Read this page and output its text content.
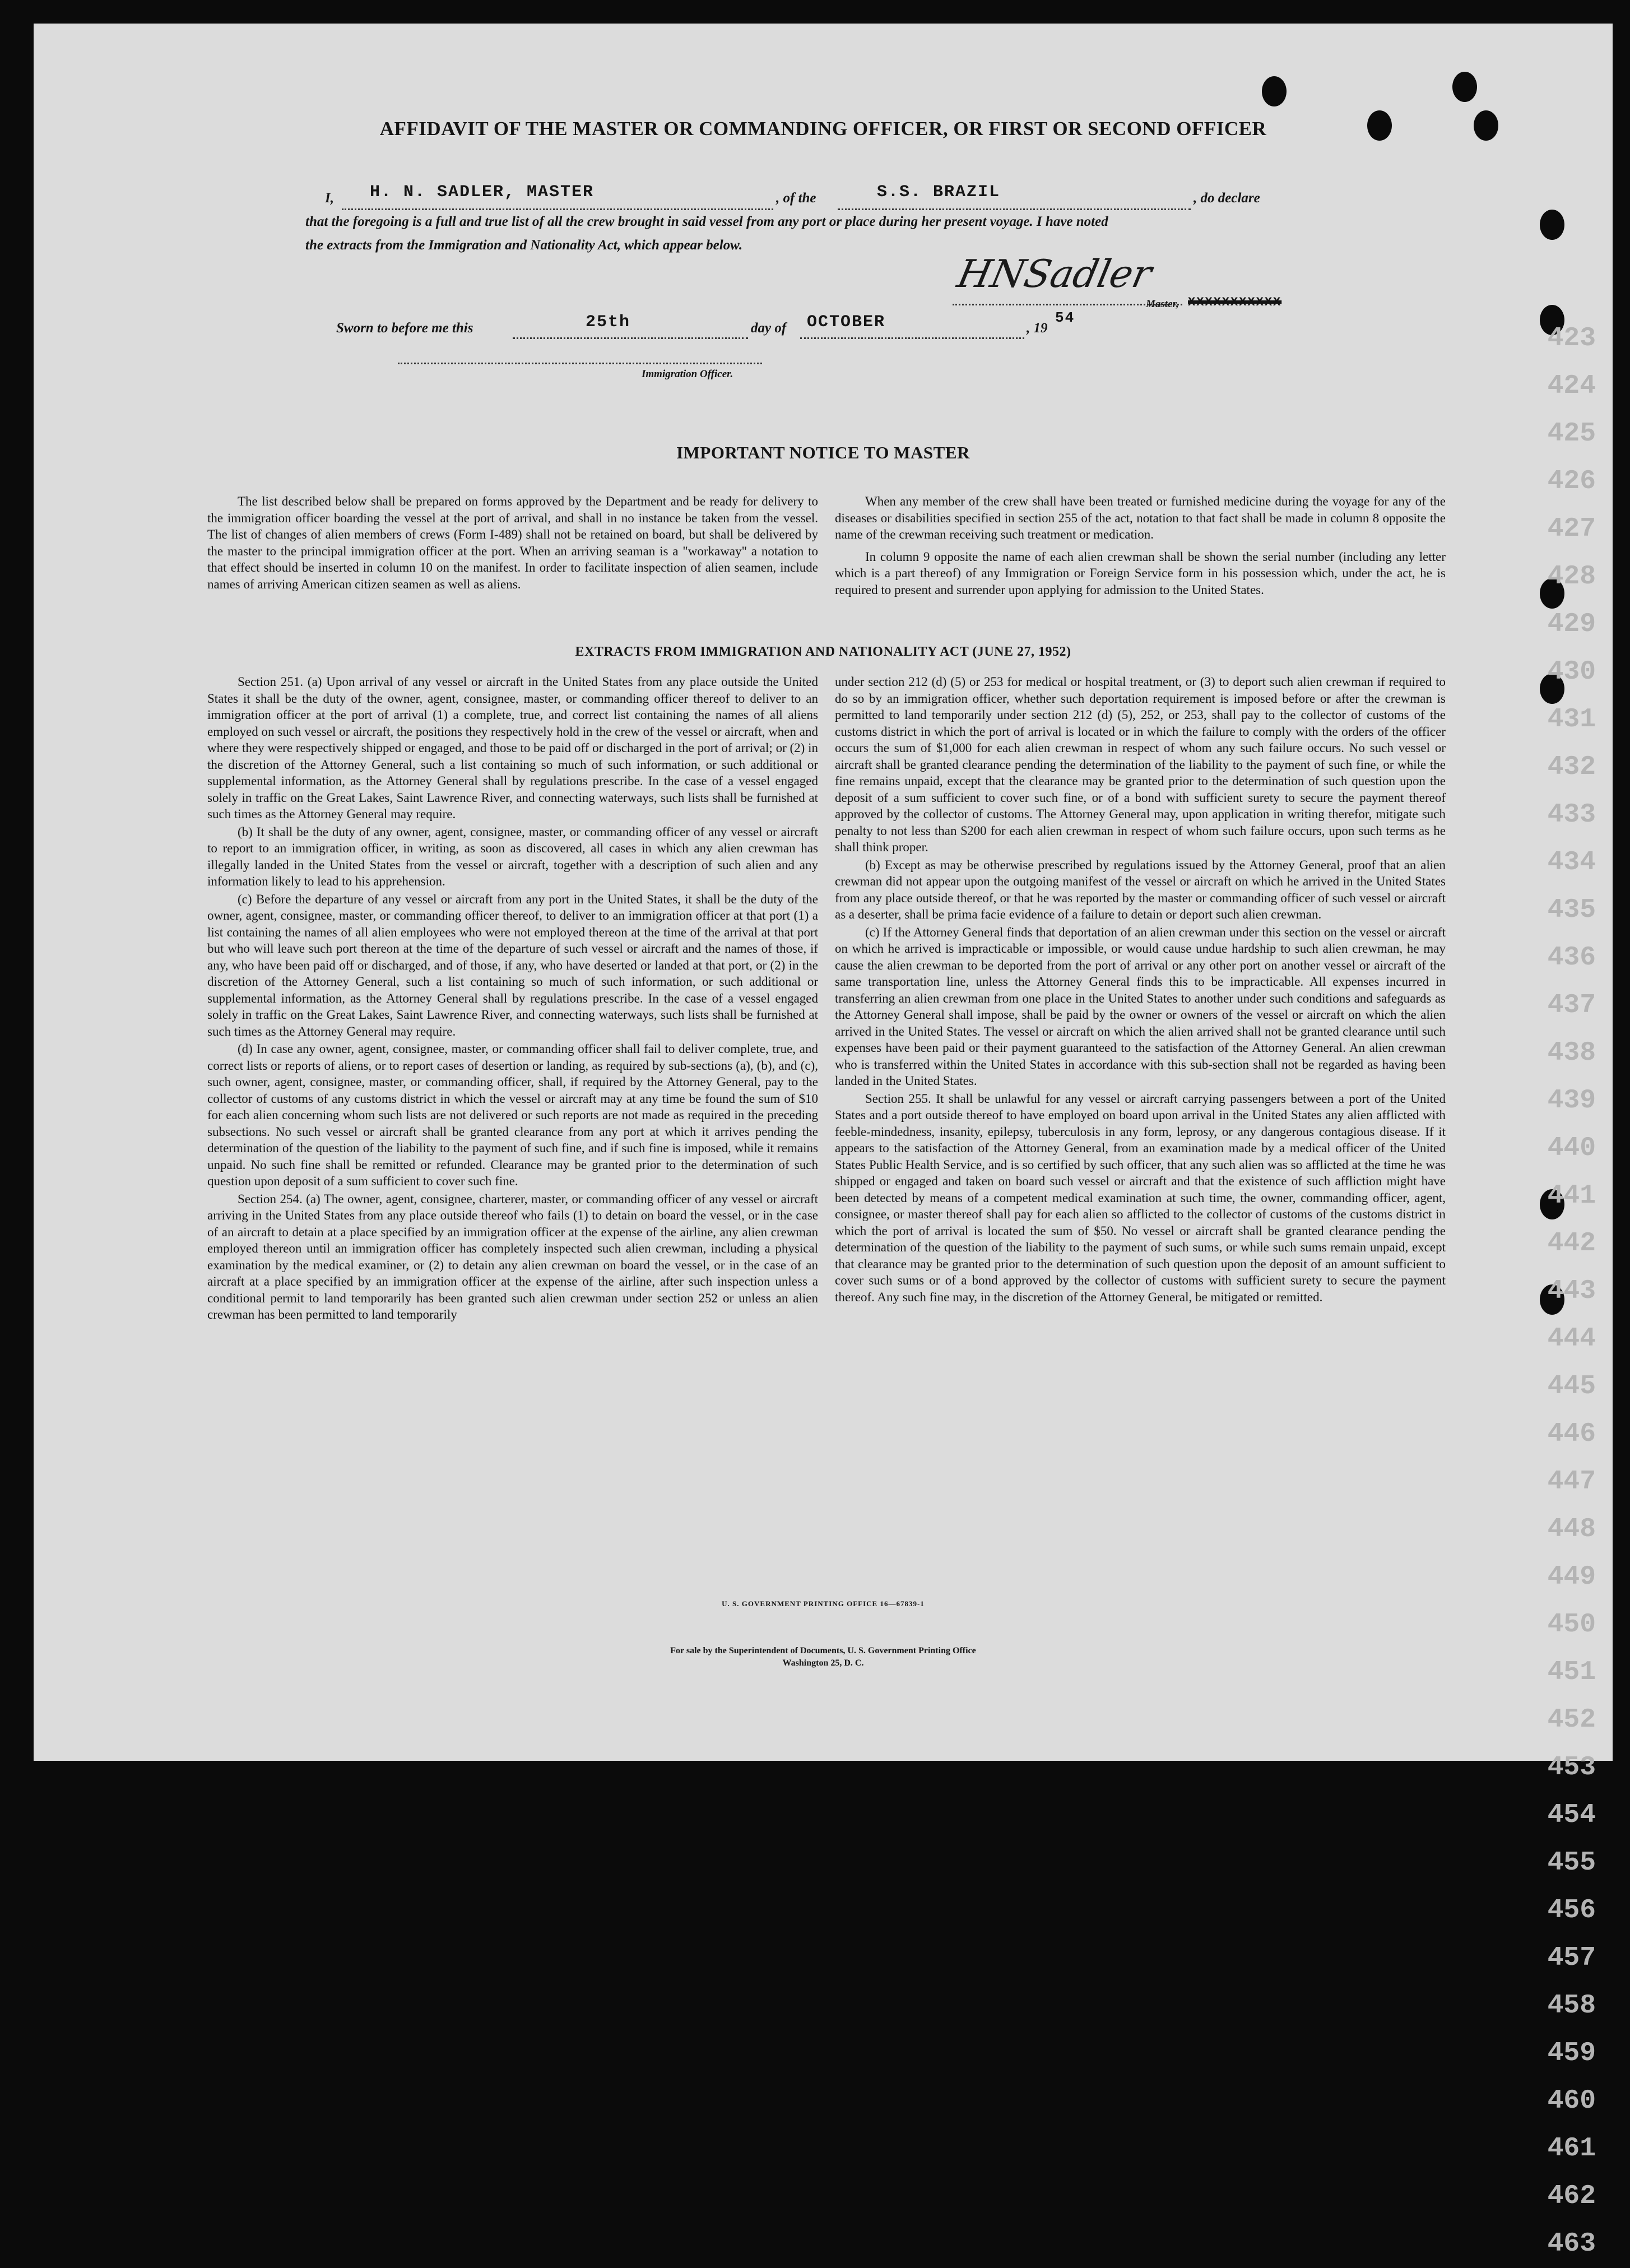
423
424
425
426
427
428
429
430
431
432
433
434
435
436
437
438
439
440
441
442
443
444
445
446
447
448
449
450
451
452
453
454
455
456
457
458
459
460
461
462
463
AFFIDAVIT OF THE MASTER OR COMMANDING OFFICER, OR FIRST OR SECOND OFFICER
I, H. N. SADLER, MASTER	, of the	S.S. BRAZIL	, do declare
that the foregoing is a full and true list of all the crew brought in said vessel from any port or place during her present voyage. I have noted
the extracts from the Immigration and Nationality Act, which appear below.
HNSadler
Master, XXXXXXXXXXX
Sworn to before me this	25th	day of OCTOBER	, 19
54
Immigration Officer.
IMPORTANT NOTICE TO MASTER

The list described below shall be prepared on forms approved by the Department and be ready for delivery to the immigration officer boarding the vessel at the port of arrival, and shall in no instance be taken from the vessel. The list of changes of alien members of crews (Form I-489) shall not be retained on board, but shall be delivered by the master to the principal immigration officer at the port. When an arriving seaman is a "workaway" a notation to that effect should be inserted in column 10 on the manifest. In order to facilitate inspection of alien seamen, include names of arriving American citizen seamen as well as aliens.

When any member of the crew shall have been treated or furnished medicine during the voyage for any of the diseases or disabilities specified in section 255 of the act, notation to that fact shall be made in column 8 opposite the name of the crewman receiving such treatment or medication.

In column 9 opposite the name of each alien crewman shall be shown the serial number (including any letter which is a part thereof) of any Immigration or Foreign Service form in his possession which, under the act, he is required to present and surrender upon applying for admission to the United States.

EXTRACTS FROM IMMIGRATION AND NATIONALITY ACT (JUNE 27, 1952)

Section 251. (a) Upon arrival of any vessel or aircraft in the United States from any place outside the United States it shall be the duty of the owner, agent, consignee, master, or commanding officer thereof to deliver to an immigration officer at the port of arrival (1) a complete, true, and correct list containing the names of all aliens employed on such vessel or aircraft, the positions they respectively hold in the crew of the vessel or aircraft, when and where they were respectively shipped or engaged, and those to be paid off or discharged in the port of arrival; or (2) in the discretion of the Attorney General, such a list containing so much of such information, or such additional or supplemental information, as the Attorney General shall by regulations prescribe. In the case of a vessel engaged solely in traffic on the Great Lakes, Saint Lawrence River, and connecting waterways, such lists shall be furnished at such times as the Attorney General may require.

(b) It shall be the duty of any owner, agent, consignee, master, or commanding officer of any vessel or aircraft to report to an immigration officer, in writing, as soon as discovered, all cases in which any alien crewman has illegally landed in the United States from the vessel or aircraft, together with a description of such alien and any information likely to lead to his apprehension.

(c) Before the departure of any vessel or aircraft from any port in the United States, it shall be the duty of the owner, agent, consignee, master, or commanding officer thereof, to deliver to an immigration officer at that port (1) a list containing the names of all alien employees who were not employed thereon at the time of the arrival at that port but who will leave such port thereon at the time of the departure of such vessel or aircraft and the names of those, if any, who have been paid off or discharged, and of those, if any, who have deserted or landed at that port, or (2) in the discretion of the Attorney General, such a list containing so much of such information, or such additional or supplemental information, as the Attorney General shall by regulations prescribe. In the case of a vessel engaged solely in traffic on the Great Lakes, Saint Lawrence River, and connecting waterways, such lists shall be furnished at such times as the Attorney General may require.

(d) In case any owner, agent, consignee, master, or commanding officer shall fail to deliver complete, true, and correct lists or reports of aliens, or to report cases of desertion or landing, as required by sub-sections (a), (b), and (c), such owner, agent, consignee, master, or commanding officer, shall, if required by the Attorney General, pay to the collector of customs of any customs district in which the vessel or aircraft may at any time be found the sum of $10 for each alien concerning whom such lists are not delivered or such reports are not made as required in the preceding subsections. No such vessel or aircraft shall be granted clearance from any port at which it arrives pending the determination of the question of the liability to the payment of such fine, and if such fine is imposed, while it remains unpaid. No such fine shall be remitted or refunded. Clearance may be granted prior to the determination of such question upon deposit of a sum sufficient to cover such fine.

Section 254. (a) The owner, agent, consignee, charterer, master, or commanding officer of any vessel or aircraft arriving in the United States from any place outside thereof who fails (1) to detain on board the vessel, or in the case of an aircraft to detain at a place specified by an immigration officer at the expense of the airline, any alien crewman employed thereon until an immigration officer has completely inspected such alien crewman, including a physical examination by the medical examiner, or (2) to detain any alien crewman on board the vessel, or in the case of an aircraft at a place specified by an immigration officer at the expense of the airline, after such inspection unless a conditional permit to land temporarily has been granted such alien crewman under section 252 or unless an alien crewman has been permitted to land temporarily

under section 212 (d) (5) or 253 for medical or hospital treatment, or (3) to deport such alien crewman if required to do so by an immigration officer, whether such deportation requirement is imposed before or after the crewman is permitted to land temporarily under section 212 (d) (5), 252, or 253, shall pay to the collector of customs of the customs district in which the port of arrival is located or in which the failure to comply with the orders of the officer occurs the sum of $1,000 for each alien crewman in respect of whom any such failure occurs. No such vessel or aircraft shall be granted clearance pending the determination of the liability to the payment of such fine, or while the fine remains unpaid, except that the clearance may be granted prior to the determination of such question upon the deposit of a sum sufficient to cover such fine, or of a bond with sufficient surety to secure the payment thereof approved by the collector of customs. The Attorney General may, upon application in writing therefor, mitigate such penalty to not less than $200 for each alien crewman in respect of whom such failure occurs, upon such terms as he shall think proper.

(b) Except as may be otherwise prescribed by regulations issued by the Attorney General, proof that an alien crewman did not appear upon the outgoing manifest of the vessel or aircraft on which he arrived in the United States from any place outside thereof, or that he was reported by the master or commanding officer of such vessel or aircraft as a deserter, shall be prima facie evidence of a failure to detain or deport such alien crewman.

(c) If the Attorney General finds that deportation of an alien crewman under this section on the vessel or aircraft on which he arrived is impracticable or impossible, or would cause undue hardship to such alien crewman, he may cause the alien crewman to be deported from the port of arrival or any other port on another vessel or aircraft of the same transportation line, unless the Attorney General finds this to be impracticable. All expenses incurred in transferring an alien crewman from one place in the United States to another under such conditions and safeguards as the Attorney General shall impose, shall be paid by the owner or owners of the vessel or aircraft on which the alien arrived in the United States. The vessel or aircraft on which the alien arrived shall not be granted clearance until such expenses have been paid or their payment guaranteed to the satisfaction of the Attorney General. An alien crewman who is transferred within the United States in accordance with this sub-section shall not be regarded as having been landed in the United States.

Section 255. It shall be unlawful for any vessel or aircraft carrying passengers between a port of the United States and a port outside thereof to have employed on board upon arrival in the United States any alien afflicted with feeble-mindedness, insanity, epilepsy, tuberculosis in any form, leprosy, or any dangerous contagious disease. If it appears to the satisfaction of the Attorney General, from an examination made by a medical officer of the United States Public Health Service, and is so certified by such officer, that any such alien was so afflicted at the time he was shipped or engaged and taken on board such vessel or aircraft and that the existence of such affliction might have been detected by means of a competent medical examination at such time, the owner, commanding officer, agent, consignee, or master thereof shall pay for each alien so afflicted to the collector of customs of the customs district in which the port of arrival is located the sum of $50. No vessel or aircraft shall be granted clearance pending the determination of the question of the liability to the payment of such sums, or while such sums remain unpaid, except that clearance may be granted prior to the determination of such question upon the deposit of an amount sufficient to cover such sums or of a bond approved by the collector of customs with sufficient surety to secure the payment thereof. Any such fine may, in the discretion of the Attorney General, be mitigated or remitted.

U. S. GOVERNMENT PRINTING OFFICE 16—67839-1
For sale by the Superintendent of Documents, U. S. Government Printing Office
Washington 25, D. C.
